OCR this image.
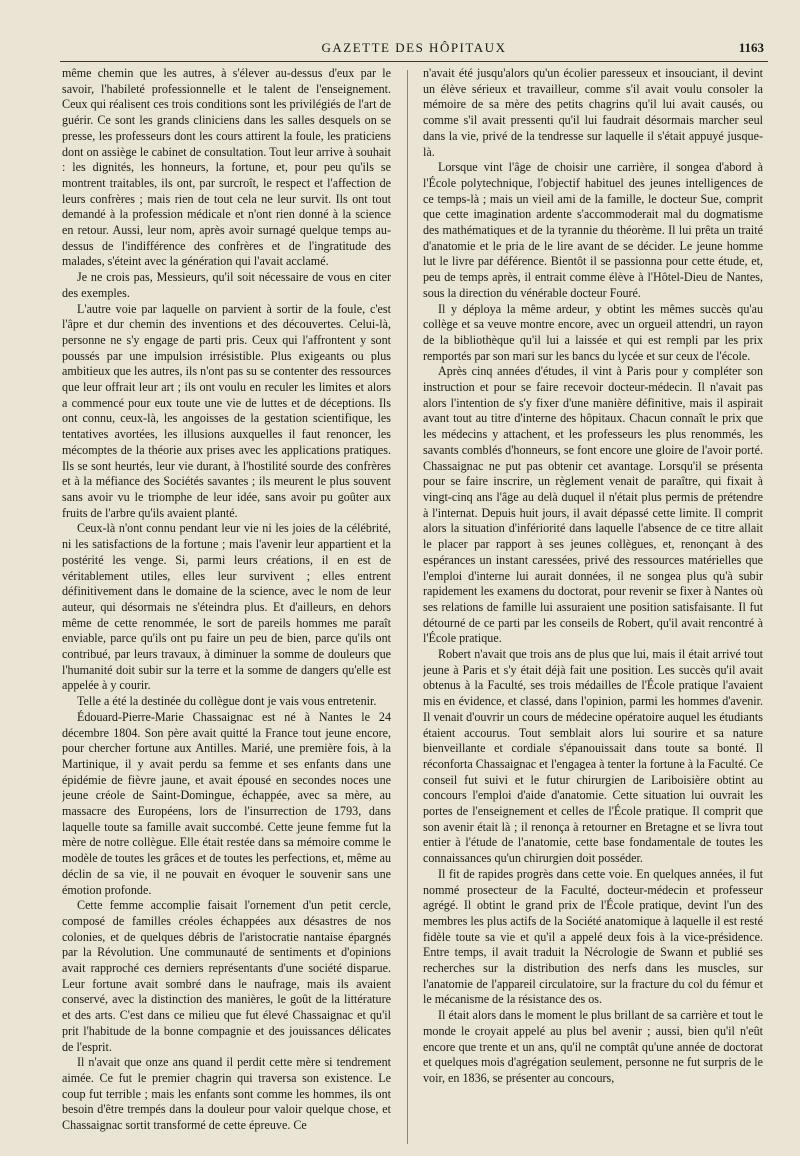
GAZETTE DES HÔPITAUX	1163

même chemin que les autres, à s'élever au-dessus d'eux par le savoir, l'habileté professionnelle et le talent de l'enseignement. Ceux qui réalisent ces trois conditions sont les privilégiés de l'art de guérir. Ce sont les grands cliniciens dans les salles desquels on se presse, les professeurs dont les cours attirent la foule, les praticiens dont on assiège le cabinet de consultation. Tout leur arrive à souhait : les dignités, les honneurs, la fortune, et, pour peu qu'ils se montrent traitables, ils ont, par surcroît, le respect et l'affection de leurs confrères ; mais rien de tout cela ne leur survit. Ils ont tout demandé à la profession médicale et n'ont rien donné à la science en retour. Aussi, leur nom, après avoir surnagé quelque temps au-dessus de l'indifférence des confrères et de l'ingratitude des malades, s'éteint avec la génération qui l'avait acclamé.

Je ne crois pas, Messieurs, qu'il soit nécessaire de vous en citer des exemples.

L'autre voie par laquelle on parvient à sortir de la foule, c'est l'âpre et dur chemin des inventions et des découvertes. Celui-là, personne ne s'y engage de parti pris. Ceux qui l'affrontent y sont poussés par une impulsion irrésistible. Plus exigeants ou plus ambitieux que les autres, ils n'ont pas su se contenter des ressources que leur offrait leur art ; ils ont voulu en reculer les limites et alors a commencé pour eux toute une vie de luttes et de déceptions. Ils ont connu, ceux-là, les angoisses de la gestation scientifique, les tentatives avortées, les illusions auxquelles il faut renoncer, les mécomptes de la théorie aux prises avec les applications pratiques. Ils se sont heurtés, leur vie durant, à l'hostilité sourde des confrères et à la méfiance des Sociétés savantes ; ils meurent le plus souvent sans avoir vu le triomphe de leur idée, sans avoir pu goûter aux fruits de l'arbre qu'ils avaient planté.

Ceux-là n'ont connu pendant leur vie ni les joies de la célébrité, ni les satisfactions de la fortune ; mais l'avenir leur appartient et la postérité les venge. Si, parmi leurs créations, il en est de véritablement utiles, elles leur survivent ; elles entrent définitivement dans le domaine de la science, avec le nom de leur auteur, qui désormais ne s'éteindra plus. Et d'ailleurs, en dehors même de cette renommée, le sort de pareils hommes me paraît enviable, parce qu'ils ont pu faire un peu de bien, parce qu'ils ont contribué, par leurs travaux, à diminuer la somme de douleurs que l'humanité doit subir sur la terre et la somme de dangers qu'elle est appelée à y courir.

Telle a été la destinée du collègue dont je vais vous entretenir.

Édouard-Pierre-Marie Chassaignac est né à Nantes le 24 décembre 1804. Son père avait quitté la France tout jeune encore, pour chercher fortune aux Antilles. Marié, une première fois, à la Martinique, il y avait perdu sa femme et ses enfants dans une épidémie de fièvre jaune, et avait épousé en secondes noces une jeune créole de Saint-Domingue, échappée, avec sa mère, au massacre des Européens, lors de l'insurrection de 1793, dans laquelle toute sa famille avait succombé. Cette jeune femme fut la mère de notre collègue. Elle était restée dans sa mémoire comme le modèle de toutes les grâces et de toutes les perfections, et, même au déclin de sa vie, il ne pouvait en évoquer le souvenir sans une émotion profonde.

Cette femme accomplie faisait l'ornement d'un petit cercle, composé de familles créoles échappées aux désastres de nos colonies, et de quelques débris de l'aristocratie nantaise épargnés par la Révolution. Une communauté de sentiments et d'opinions avait rapproché ces derniers représentants d'une société disparue. Leur fortune avait sombré dans le naufrage, mais ils avaient conservé, avec la distinction des manières, le goût de la littérature et des arts. C'est dans ce milieu que fut élevé Chassaignac et qu'il prit l'habitude de la bonne compagnie et des jouissances délicates de l'esprit.

Il n'avait que onze ans quand il perdit cette mère si tendrement aimée. Ce fut le premier chagrin qui traversa son existence. Le coup fut terrible ; mais les enfants sont comme les hommes, ils ont besoin d'être trempés dans la douleur pour valoir quelque chose, et Chassaignac sortit transformé de cette épreuve. Ce

n'avait été jusqu'alors qu'un écolier paresseux et insouciant, il devint un élève sérieux et travailleur, comme s'il avait voulu consoler la mémoire de sa mère des petits chagrins qu'il lui avait causés, ou comme s'il avait pressenti qu'il lui faudrait désormais marcher seul dans la vie, privé de la tendresse sur laquelle il s'était appuyé jusque-là.

Lorsque vint l'âge de choisir une carrière, il songea d'abord à l'École polytechnique, l'objectif habituel des jeunes intelligences de ce temps-là ; mais un vieil ami de la famille, le docteur Sue, comprit que cette imagination ardente s'accommoderait mal du dogmatisme des mathématiques et de la tyrannie du théorème. Il lui prêta un traité d'anatomie et le pria de le lire avant de se décider. Le jeune homme lut le livre par déférence. Bientôt il se passionna pour cette étude, et, peu de temps après, il entrait comme élève à l'Hôtel-Dieu de Nantes, sous la direction du vénérable docteur Fouré.

Il y déploya la même ardeur, y obtint les mêmes succès qu'au collège et sa veuve montre encore, avec un orgueil attendri, un rayon de la bibliothèque qu'il lui a laissée et qui est rempli par les prix remportés par son mari sur les bancs du lycée et sur ceux de l'école.

Après cinq années d'études, il vint à Paris pour y compléter son instruction et pour se faire recevoir docteur-médecin. Il n'avait pas alors l'intention de s'y fixer d'une manière définitive, mais il aspirait avant tout au titre d'interne des hôpitaux. Chacun connaît le prix que les médecins y attachent, et les professeurs les plus renommés, les savants comblés d'honneurs, se font encore une gloire de l'avoir porté. Chassaignac ne put pas obtenir cet avantage. Lorsqu'il se présenta pour se faire inscrire, un règlement venait de paraître, qui fixait à vingt-cinq ans l'âge au delà duquel il n'était plus permis de prétendre à l'internat. Depuis huit jours, il avait dépassé cette limite. Il comprit alors la situation d'infériorité dans laquelle l'absence de ce titre allait le placer par rapport à ses jeunes collègues, et, renonçant à des espérances un instant caressées, privé des ressources matérielles que l'emploi d'interne lui aurait données, il ne songea plus qu'à subir rapidement les examens du doctorat, pour revenir se fixer à Nantes où ses relations de famille lui assuraient une position satisfaisante. Il fut détourné de ce parti par les conseils de Robert, qu'il avait rencontré à l'École pratique.

Robert n'avait que trois ans de plus que lui, mais il était arrivé tout jeune à Paris et s'y était déjà fait une position. Les succès qu'il avait obtenus à la Faculté, ses trois médailles de l'École pratique l'avaient mis en évidence, et classé, dans l'opinion, parmi les hommes d'avenir. Il venait d'ouvrir un cours de médecine opératoire auquel les étudiants étaient accourus. Tout semblait alors lui sourire et sa nature bienveillante et cordiale s'épanouissait dans toute sa bonté. Il réconforta Chassaignac et l'engagea à tenter la fortune à la Faculté. Ce conseil fut suivi et le futur chirurgien de Lariboisière obtint au concours l'emploi d'aide d'anatomie. Cette situation lui ouvrait les portes de l'enseignement et celles de l'École pratique. Il comprit que son avenir était là ; il renonça à retourner en Bretagne et se livra tout entier à l'étude de l'anatomie, cette base fondamentale de toutes les connaissances qu'un chirurgien doit posséder.

Il fit de rapides progrès dans cette voie. En quelques années, il fut nommé prosecteur de la Faculté, docteur-médecin et professeur agrégé. Il obtint le grand prix de l'École pratique, devint l'un des membres les plus actifs de la Société anatomique à laquelle il est resté fidèle toute sa vie et qu'il a appelé deux fois à la vice-présidence. Entre temps, il avait traduit la Nécrologie de Swann et publié ses recherches sur la distribution des nerfs dans les muscles, sur l'anatomie de l'appareil circulatoire, sur la fracture du col du fémur et le mécanisme de la résistance des os.

Il était alors dans le moment le plus brillant de sa carrière et tout le monde le croyait appelé au plus bel avenir ; aussi, bien qu'il n'eût encore que trente et un ans, qu'il ne comptât qu'une année de doctorat et quelques mois d'agrégation seulement, personne ne fut surpris de le voir, en 1836, se présenter au concours,
